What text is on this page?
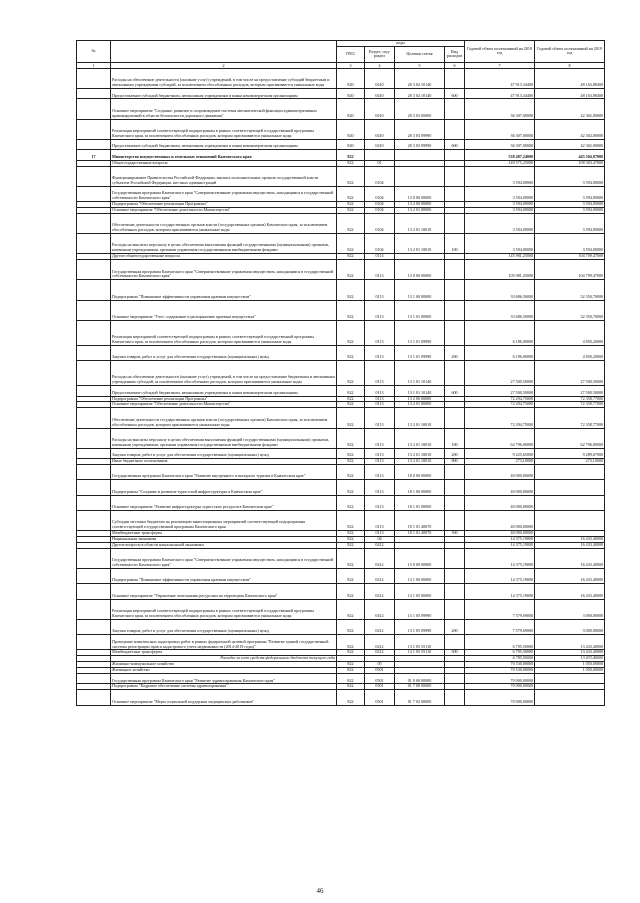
№		коды				Годовой объем ассигнований на 2018 год	Годовой объем ассигнований на 2019 год
		ГРБС	Раздел, под-раздел	Целевая статья	Вид расходов		
1	2	3	4	5	6	7	8
	Расходы на обеспечение деятельности (оказание услуг) учреждений, в том числе на предоставление субсидий бюджетным и автономным учреждениям субсидий, за исключением обособленных расходов, которым присваиваются уникальные коды	820	0410	20 3 02 10140		47 913,34400	48 163,88400
	Предоставление субсидий бюджетным, автономным учреждениям и иным некоммерческим организациям	820	0410	20 3 02 10140	600	47 913,34400	48 163,88400
	Основное мероприятие "Создание, развитие и сопровождение системы автоматической фиксации административных правонарушений в области безопасности дорожного движения"	820	0410	20 3 03 00000		36 307,00000	42 302,00000
	Реализация мероприятий соответствующей подпрограммы в рамках соответствующей государственной программы Камчатского края, за исключением обособленных расходов, которым присваиваются уникальные коды	820	0410	20 3 03 09990		36 307,00000	42 302,00000
	Предоставление субсидий бюджетным, автономным учреждениям и иным некоммерческим организациям	820	0410	20 3 03 09990	600	36 307,00000	42 302,00000
17	Министерство имущественных и земельных отношений Камчатского края	822				538 487,24000	443 504,87000
	Общегосударственные вопросы	822	01			149 575,25000	108 303,47000
	Функционирование Правительства Российской Федерации, высших исполнительных органов государственной власти субъектов Российской Федерации, местных администраций	822	0104			3 594,00000	3 594,00000
	Государственная программа Камчатского края "Совершенствование управления имуществом, находящимся в государственной собственности Камчатского края"	822	0104	13 0 00 00000		3 594,00000	3 594,00000
	Подпрограмма "Обеспечение реализации Программы"	822	0104	13 2 00 00000		3 594,00000	3 594,00000
	Основное мероприятие "Обеспечение деятельности Министерства"	822	0104	13 2 01 00000		3 594,00000	3 594,00000
	Обеспечение деятельности государственных органов власти (государственных органов) Камчатского края, за исключением обособленных расходов, которым присваиваются уникальные коды	822	0104	13 2 01 10010		3 594,00000	3 594,00000
	Расходы на выплаты персоналу в целях обеспечения выполнения функций государственными (муниципальными) органами, казенными учреждениями, органами управления государственными внебюджетными фондами	822	0104	13 2 01 10010	100	3 594,00000	3 594,00000
	Другие общегосударственные вопросы	822	0113			145 981,25000	104 709,47000
	Государственная программа Камчатского края "Совершенствование управления имуществом, находящимся в государственной собственности Камчатского края"	822	0113	13 0 00 00000		105 981,25000	104 709,47000
	Подпрограмма "Повышение эффективности управления краевым имуществом"	822	0113	13 1 00 00000		33 686,50000	32 350,70000
	Основное мероприятие "Учет, содержание и распоряжение краевым имуществом"	822	0113	13 1 01 00000		33 686,50000	32 350,70000
	Реализация мероприятий соответствующей подпрограммы в рамках соответствующей государственной программы Камчатского края, за исключением обособленных расходов, которым присваиваются уникальные коды	822	0113	13 1 01 09990		6 186,00000	4 850,20000
	Закупка товаров, работ и услуг для обеспечения государственных (муниципальных) нужд	822	0113	13 1 01 09990	200	6 186,00000	4 850,20000
	Расходы на обеспечение деятельности (оказание услуг) учреждений, в том числе на предоставление бюджетным и автономным учреждениям субсидий, за исключением обособленных расходов, которым присваиваются уникальные коды	822	0113	13 1 01 10140		27 500,50000	27 500,50000
	Предоставление субсидий бюджетным, автономным учреждениям и иным некоммерческим организациям	822	0113	13 1 01 10140	600	27 500,50000	27 500,50000
	Подпрограмма "Обеспечение реализации Программы"	822	0113	13 2 00 00000		72 294,75000	72 358,77000
	Основное мероприятие "Обеспечение деятельности Министерства"	822	0113	13 2 01 00000		72 294,75000	72 358,77000
	Обеспечение деятельности государственных органов власти (государственных органов) Камчатского края, за исключением обособленных расходов, которым присваиваются уникальные коды	822	0113	13 2 01 10010		72 294,75000	72 358,77000
	Расходы на выплаты персоналу в целях обеспечения выполнения функций государственными (муниципальными) органами, казенными учреждениями, органами управления государственными внебюджетными фондами	822	0113	13 2 01 10010	100	62 796,00000	62 796,00000
	Закупка товаров, работ и услуг для обеспечения государственных (муниципальных) нужд	822	0113	13 2 01 10010	200	9 225,65000	9 289,67000
	Иные бюджетные ассигнования	822	0113	13 2 01 10010	800	273,10000	273,10000
	Государственная программа Камчатского края "Развитие внутреннего и въездного туризма в Камчатском крае"	822	0113	18 0 00 00000		40 000,00000	
	Подпрограмма "Создание и развитие туристской инфраструктуры в Камчатском крае"	822	0113	18 1 00 00000		40 000,00000	
	Основное мероприятие "Развитие инфраструктуры туристских ресурсов в Камчатском крае"	822	0113	18 1 01 00000		40 000,00000	
	Субсидии местным бюджетам на реализацию инвестиционных мероприятий соответствующей подпрограммы соответствующей государственной программы Камчатского края	822	0113	18 1 01 40070		40 000,00000	
	Межбюджетные трансферты	822	0113	18 1 01 40070	500	40 000,00000	
	Национальная экономика	822	04			14 375,19000	16 433,40000
	Другие вопросы в области национальной экономики	822	0412			14 375,19000	16 433,40000
	Государственная программа Камчатского края "Совершенствование управления имуществом, находящимся в государственной собственности Камчатского края"	822	0412	13 0 00 00000		14 375,19000	16 433,40000
	Подпрограмма "Повышение эффективности управления краевым имуществом"	822	0412	13 1 00 00000		14 375,19000	16 433,40000
	Основное мероприятие "Управление земельными ресурсами на территории Камчатского края"	822	0412	13 1 05 00000		14 375,19000	16 433,40000
	Реализация мероприятий соответствующей подпрограммы в рамках соответствующей государственной программы Камчатского края, за исключением обособленных расходов, которым присваиваются уникальные коды	822	0412	13 1 05 09990		7 579,69000	3 000,00000
	Закупка товаров, работ и услуг для обеспечения государственных (муниципальных) нужд	822	0412	13 1 05 09990	200	7 579,69000	3 000,00000
	Проведение комплексных кадастровых работ в рамках федеральной целевой программы "Развитие единой государственной системы регистрации прав и кадастрового учета недвижимости (2014-2019 годы)"	822	0412	13 1 05 55110		6 795,50000	13 433,40000
	Межбюджетные трансферты	822	0412	13 1 05 55110	500	6 795,50000	13 433,40000
	Расходы за счет средств федерального бюджета текущего года					6 795,50000	13 433,40000
	Жилищно-коммунальное хозяйство	822	05			70 530,00000	1 050,00000
	Жилищное хозяйство	822	0501			70 530,00000	1 050,00000
	Государственная программа Камчатского края "Развитие здравоохранения Камчатского края"	822	0501	01 0 00 00000		70 000,00000	
	Подпрограмма "Кадровое обеспечение системы здравоохранения"	822	0501	01 7 00 00000		70 000,00000	
	Основное мероприятие "Меры социальной поддержки медицинских работников"	822	0501	01 7 02 00000		70 000,00000	
46
